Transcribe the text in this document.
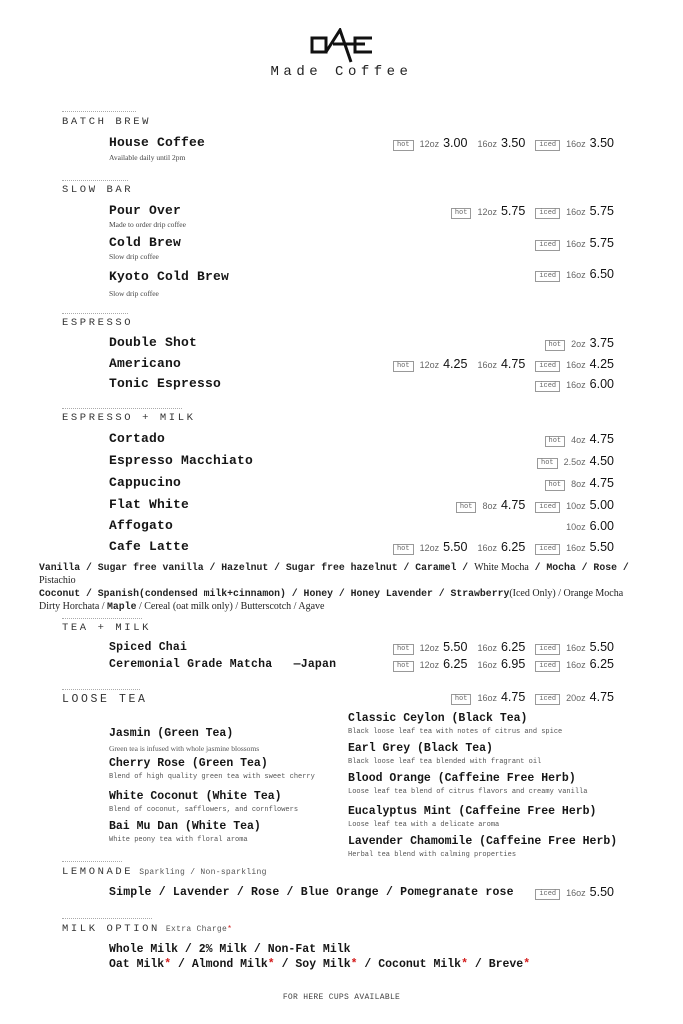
Made Coffee
BATCH BREW
House Coffee
Available daily until 2pm
hot	12oz 3.00 16oz 3.50	iced	16oz 3.50
SLOW BAR
Pour Over
Made to order drip coffee
hot	12oz 5.75	iced	16oz 5.75
Cold Brew
Slow drip coffee
iced	16oz 5.75
Kyoto Cold Brew
Slow drip coffee
iced	16oz 6.50
ESPRESSO
Double Shot	hot	2oz 3.75
Americano	hot	12oz 4.25 16oz 4.75	iced	16oz 4.25
Tonic Espresso	iced	16oz 6.00
ESPRESSO + MILK
Cortado	hot	4oz 4.75
Espresso Macchiato	hot	2.5oz 4.50
Cappucino	hot	8oz 4.75
Flat White	hot	8oz 4.75	iced	10oz 5.00
Affogato	10oz 6.00
Cafe Latte	hot	12oz 5.50 16oz 6.25	iced	16oz 5.50
Vanilla / Sugar free vanilla / Hazelnut / Sugar free hazelnut / Caramel / White Mocha / Mocha / Rose / Pistachio
Coconut / Spanish(condensed milk+cinnamon) / Honey / Honey Lavender / Strawberry(Iced Only) / Orange Mocha
Dirty Horchata / Maple / Cereal (oat milk only) / Butterscotch / Agave
TEA + MILK
Spiced Chai	hot	12oz 5.50 16oz 6.25	iced	16oz 5.50
Ceremonial Grade Matcha   —Japan	hot	12oz 6.25 16oz 6.95	iced	16oz 6.25
LOOSE TEA	hot	16oz 4.75	iced	20oz 4.75
Jasmin (Green Tea)
Green tea is infused with whole jasmine blossoms
Cherry Rose (Green Tea)
Blend of high quality green tea with sweet cherry
White Coconut (White Tea)
Blend of coconut, safflowers, and cornflowers
Bai Mu Dan (White Tea)
White peony tea with floral aroma
Classic Ceylon (Black Tea)
Black loose leaf tea with notes of citrus and spice
Earl Grey (Black Tea)
Black loose leaf tea blended with fragrant oil
Blood Orange (Caffeine Free Herb)
Loose leaf tea blend of citrus flavors and creamy vanilla
Eucalyptus Mint (Caffeine Free Herb)
Loose leaf tea with a delicate aroma
Lavender Chamomile (Caffeine Free Herb)
Herbal tea blend with calming properties
LEMONADE Sparkling / Non-sparkling
Simple / Lavender / Rose / Blue Orange / Pomegranate rose	iced	16oz 5.50
MILK OPTION Extra Charge*
Whole Milk / 2% Milk / Non-Fat Milk
Oat Milk* / Almond Milk* / Soy Milk* / Coconut Milk* / Breve*
FOR HERE CUPS AVAILABLE
